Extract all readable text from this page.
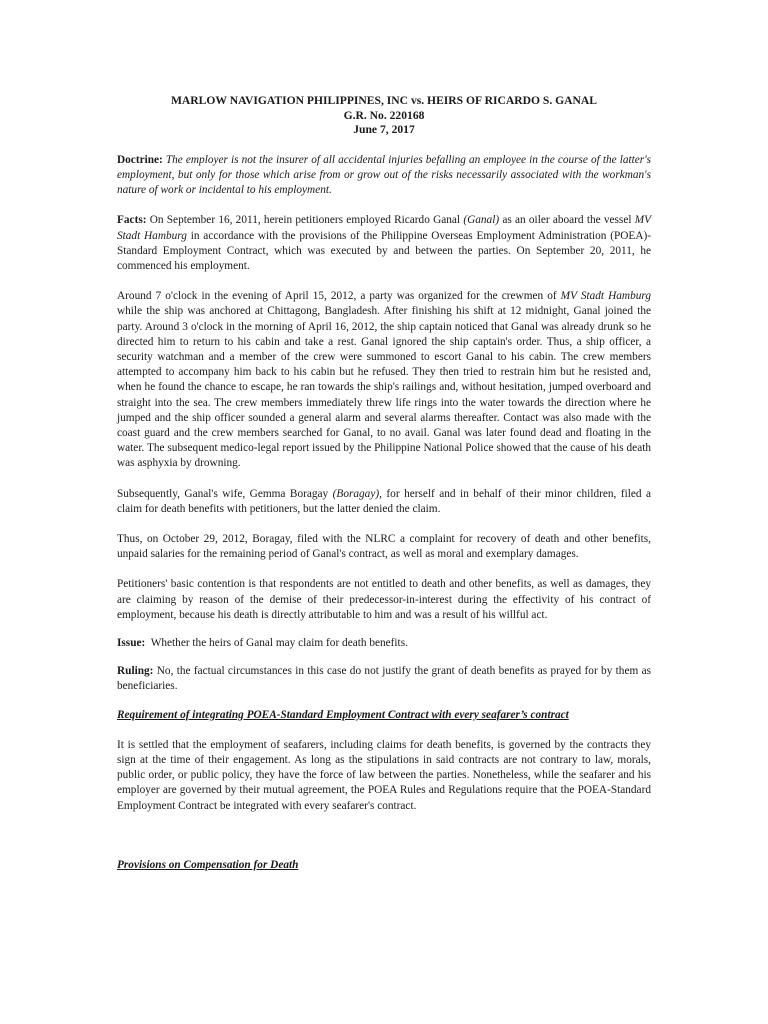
MARLOW NAVIGATION PHILIPPINES, INC vs. HEIRS OF RICARDO S. GANAL
G.R. No. 220168
June 7, 2017

Doctrine: The employer is not the insurer of all accidental injuries befalling an employee in the course of the latter's employment, but only for those which arise from or grow out of the risks necessarily associated with the workman's nature of work or incidental to his employment.

Facts: On September 16, 2011, herein petitioners employed Ricardo Ganal (Ganal) as an oiler aboard the vessel MV Stadt Hamburg in accordance with the provisions of the Philippine Overseas Employment Administration (POEA)-Standard Employment Contract, which was executed by and between the parties. On September 20, 2011, he commenced his employment.

Around 7 o'clock in the evening of April 15, 2012, a party was organized for the crewmen of MV Stadt Hamburg while the ship was anchored at Chittagong, Bangladesh. After finishing his shift at 12 midnight, Ganal joined the party. Around 3 o'clock in the morning of April 16, 2012, the ship captain noticed that Ganal was already drunk so he directed him to return to his cabin and take a rest. Ganal ignored the ship captain's order. Thus, a ship officer, a security watchman and a member of the crew were summoned to escort Ganal to his cabin. The crew members attempted to accompany him back to his cabin but he refused. They then tried to restrain him but he resisted and, when he found the chance to escape, he ran towards the ship's railings and, without hesitation, jumped overboard and straight into the sea. The crew members immediately threw life rings into the water towards the direction where he jumped and the ship officer sounded a general alarm and several alarms thereafter. Contact was also made with the coast guard and the crew members searched for Ganal, to no avail. Ganal was later found dead and floating in the water. The subsequent medico-legal report issued by the Philippine National Police showed that the cause of his death was asphyxia by drowning.

Subsequently, Ganal's wife, Gemma Boragay (Boragay), for herself and in behalf of their minor children, filed a claim for death benefits with petitioners, but the latter denied the claim.

Thus, on October 29, 2012, Boragay, filed with the NLRC a complaint for recovery of death and other benefits, unpaid salaries for the remaining period of Ganal's contract, as well as moral and exemplary damages.

Petitioners' basic contention is that respondents are not entitled to death and other benefits, as well as damages, they are claiming by reason of the demise of their predecessor-in-interest during the effectivity of his contract of employment, because his death is directly attributable to him and was a result of his willful act.

Issue: Whether the heirs of Ganal may claim for death benefits.

Ruling: No, the factual circumstances in this case do not justify the grant of death benefits as prayed for by them as beneficiaries.

Requirement of integrating POEA-Standard Employment Contract with every seafarer’s contract

It is settled that the employment of seafarers, including claims for death benefits, is governed by the contracts they sign at the time of their engagement. As long as the stipulations in said contracts are not contrary to law, morals, public order, or public policy, they have the force of law between the parties. Nonetheless, while the seafarer and his employer are governed by their mutual agreement, the POEA Rules and Regulations require that the POEA-Standard Employment Contract be integrated with every seafarer's contract.

Provisions on Compensation for Death
